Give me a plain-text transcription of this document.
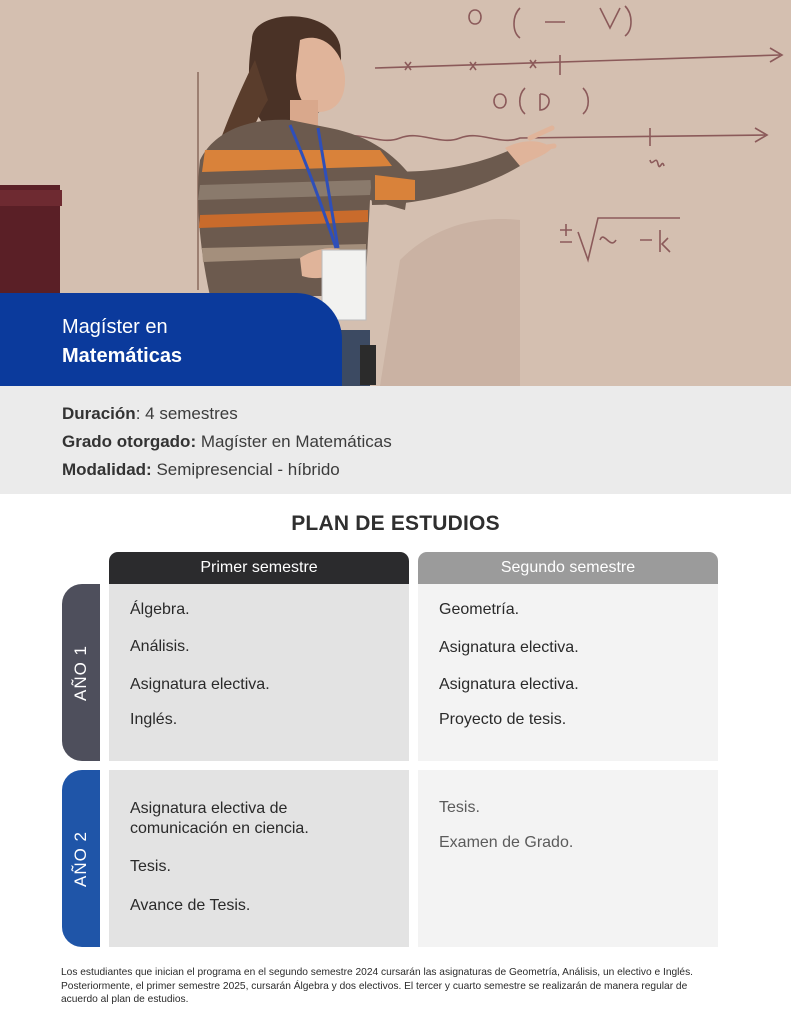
Magíster en
Matemáticas
Duración: 4 semestres
Grado otorgado: Magíster en Matemáticas
Modalidad: Semipresencial - híbrido
PLAN DE ESTUDIOS
Primer semestre	Segundo semestre
AÑO 1
AÑO 2
Álgebra.
Análisis.
Asignatura electiva.
Inglés.
Geometría.
Asignatura electiva.
Asignatura electiva.
Proyecto de tesis.
Asignatura electiva de comunicación en ciencia.
Tesis.
Avance de Tesis.
Tesis.
Examen de Grado.
Los estudiantes que inician el programa en el segundo semestre 2024 cursarán las asignaturas de Geometría, Análisis, un electivo e Inglés. Posteriormente, el primer semestre 2025, cursarán Álgebra y dos electivos. El tercer y cuarto semestre se realizarán de manera regular de acuerdo al plan de estudios.
